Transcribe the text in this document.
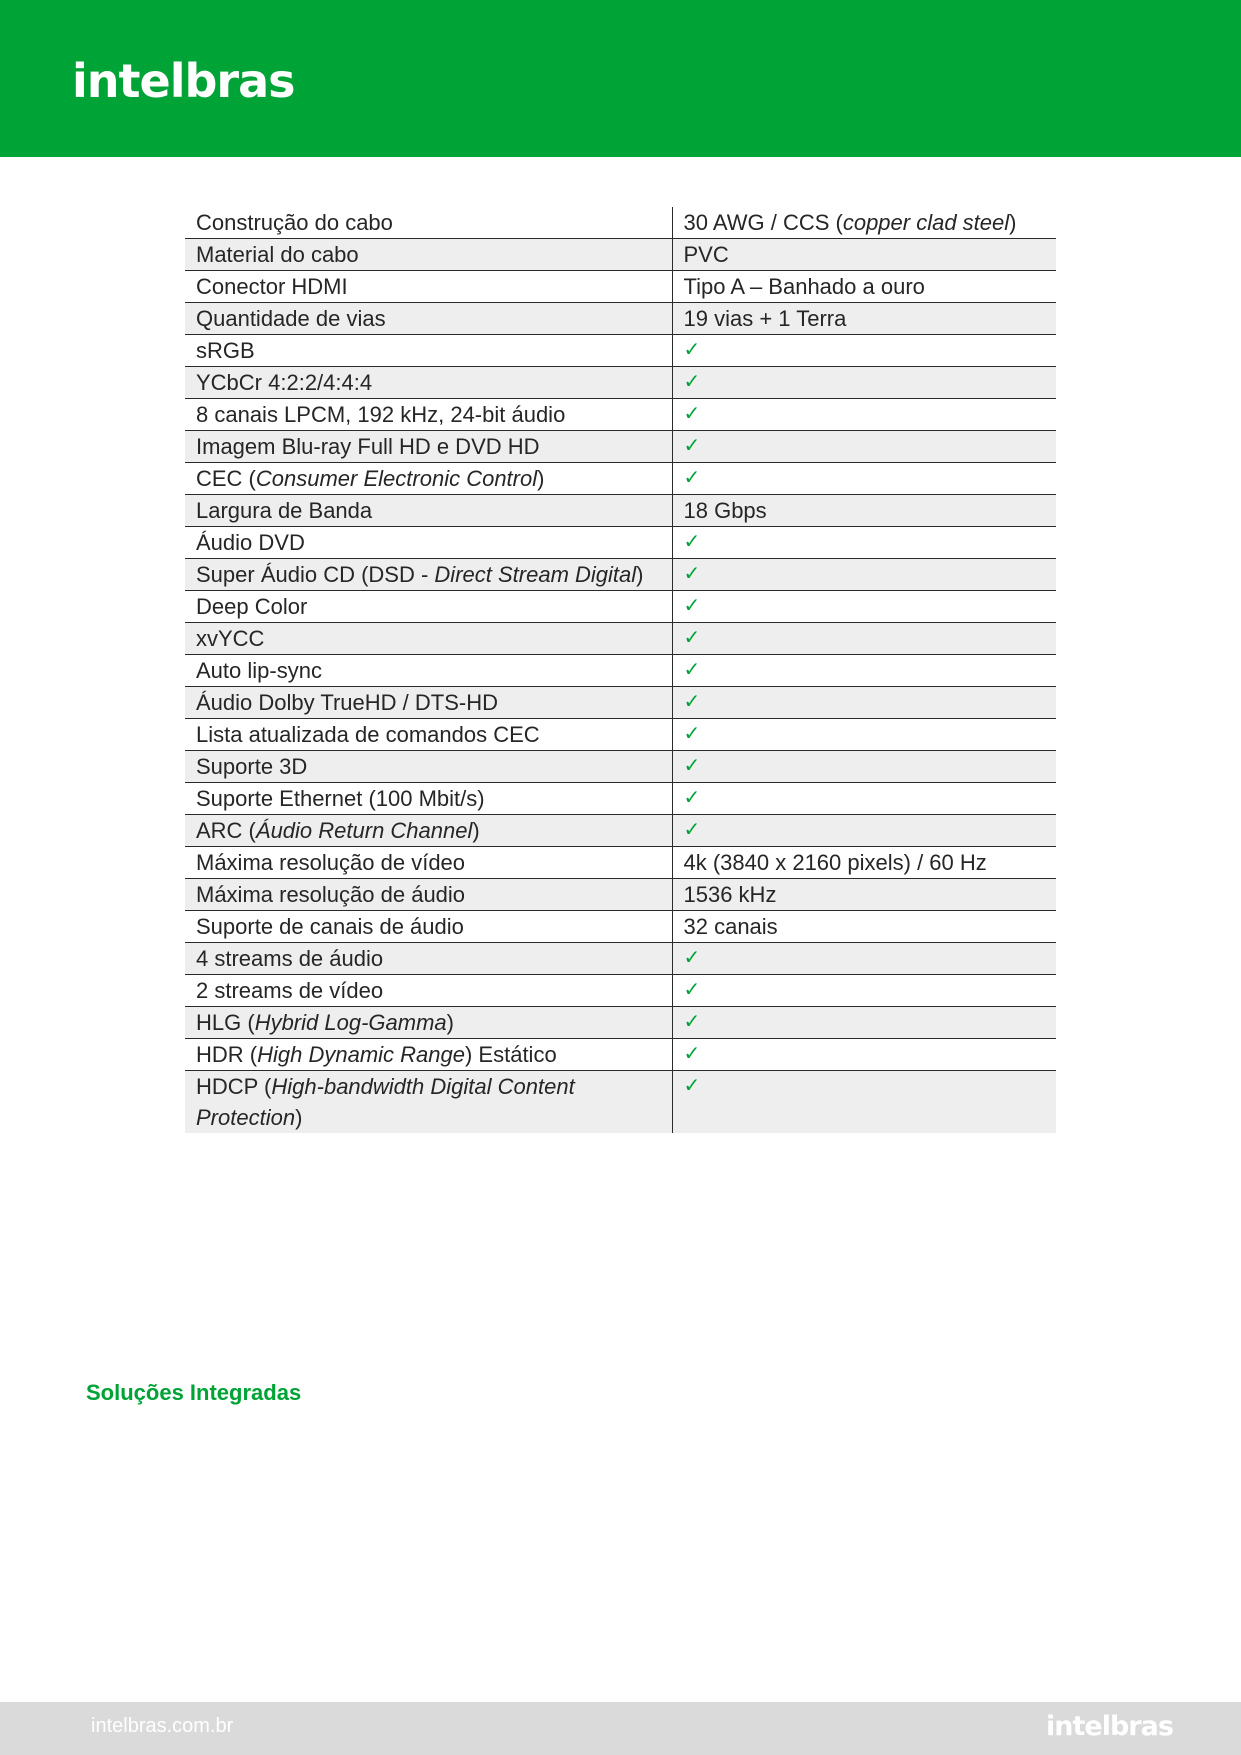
intelbras
Construção do cabo	30 AWG / CCS (copper clad steel)
Material do cabo	PVC
Conector HDMI	Tipo A – Banhado a ouro
Quantidade de vias	19 vias + 1 Terra
sRGB	✓
YCbCr 4:2:2/4:4:4	✓
8 canais LPCM, 192 kHz, 24-bit áudio	✓
Imagem Blu-ray Full HD e DVD HD	✓
CEC (Consumer Electronic Control)	✓
Largura de Banda	18 Gbps
Áudio DVD	✓
Super Áudio CD (DSD - Direct Stream Digital)	✓
Deep Color	✓
xvYCC	✓
Auto lip-sync	✓
Áudio Dolby TrueHD / DTS-HD	✓
Lista atualizada de comandos CEC	✓
Suporte 3D	✓
Suporte Ethernet (100 Mbit/s)	✓
ARC (Áudio Return Channel)	✓
Máxima resolução de vídeo	4k (3840 x 2160 pixels) / 60 Hz
Máxima resolução de áudio	1536 kHz
Suporte de canais de áudio	32 canais
4 streams de áudio	✓
2 streams de vídeo	✓
HLG (Hybrid Log-Gamma)	✓
HDR (High Dynamic Range) Estático	✓
HDCP (High-bandwidth Digital Content Protection)	✓
Soluções Integradas
intelbras.com.br	intelbras
